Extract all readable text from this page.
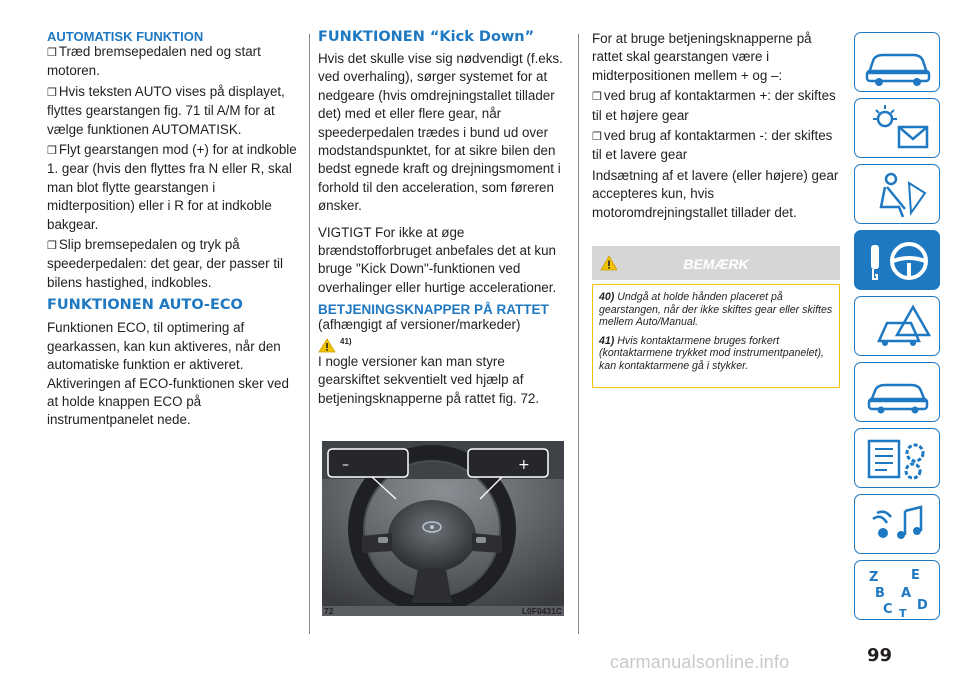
AUTOMATISK FUNKTION

❐ Træd bremsepedalen ned og start motoren.

❐ Hvis teksten AUTO vises på displayet, flyttes gearstangen fig. 71 til A/M for at vælge funktionen AUTOMATISK.

❐ Flyt gearstangen mod (+) for at indkoble 1. gear (hvis den flyttes fra N eller R, skal man blot flytte gearstangen i midterposition) eller i R for at indkoble bakgear.

❐ Slip bremsepedalen og tryk på speederpedalen: det gear, der passer til bilens hastighed, indkobles.

FUNKTIONEN AUTO-ECO

Funktionen ECO, til optimering af gearkassen, kan kun aktiveres, når den automatiske funktion er aktiveret. Aktiveringen af ECO-funktionen sker ved at holde knappen ECO på instrumentpanelet nede.

FUNKTIONEN “Kick Down”

Hvis det skulle vise sig nødvendigt (f.eks. ved overhaling), sørger systemet for at nedgeare (hvis omdrejningstallet tillader det) med et eller flere gear, når speederpedalen trædes i bund ud over modstandspunktet, for at sikre bilen den bedst egnede kraft og drejningsmoment i forhold til den acceleration, som føreren ønsker.

VIGTIGT For ikke at øge brændstofforbruget anbefales det at kun bruge "Kick Down"-funktionen ved overhalinger eller hurtige accelerationer.

BETJENINGSKNAPPER PÅ RATTET

(afhængigt af versioner/markeder)

41)

I nogle versioner kan man styre gearskiftet sekventielt ved hjælp af betjeningsknapperne på rattet fig. 72.

–	+
72	L0F0431C

For at bruge betjeningsknapperne på rattet skal gearstangen være i midterpositionen mellem + og –:

❐ ved brug af kontaktarmen +: der skiftes til et højere gear

❐ ved brug af kontaktarmen -: der skiftes til et lavere gear

Indsætning af et lavere (eller højere) gear accepteres kun, hvis motoromdrejningstallet tillader det.

BEMÆRK

40) Undgå at holde hånden placeret på gearstangen, når der ikke skiftes gear eller skiftes mellem Auto/Manual.

41) Hvis kontaktarmene bruges forkert (kontaktarmene trykket mod instrumentpanelet), kan kontaktarmene gå i stykker.

Z	E
B A
C D
T
carmanualsonline.info	99
